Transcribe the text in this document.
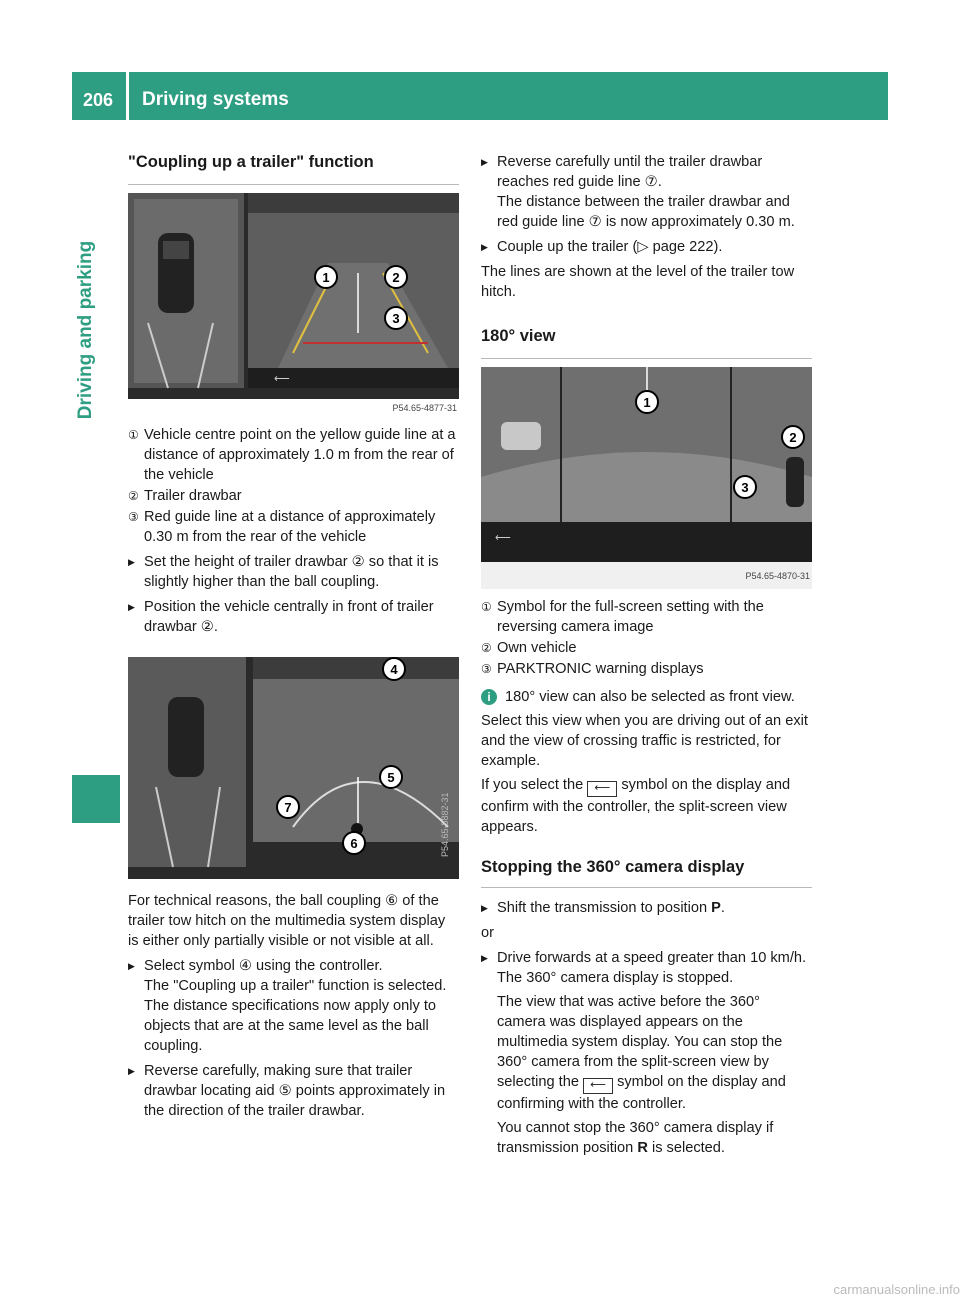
206	Driving systems
Driving and parking
"Coupling up a trailer" function
1	2
3
⟵
P54.65-4877-31
① Vehicle centre point on the yellow guide line at a distance of approximately 1.0 m from the rear of the vehicle
② Trailer drawbar
③ Red guide line at a distance of approximately 0.30 m from the rear of the vehicle
▶ Set the height of trailer drawbar ② so that it is slightly higher than the ball coupling.
▶ Position the vehicle centrally in front of trailer drawbar ②.
4
5
7
6	P54.65-5882-31

For technical reasons, the ball coupling ⑥ of the trailer tow hitch on the multimedia system display is either only partially visible or not visible at all.

▶ Select symbol ④ using the controller.
The "Coupling up a trailer" function is selected. The distance specifications now apply only to objects that are at the same level as the ball coupling.
▶ Reverse carefully, making sure that trailer drawbar locating aid ⑤ points approximately in the direction of the trailer drawbar.
▶ Reverse carefully until the trailer drawbar reaches red guide line ⑦.
The distance between the trailer drawbar and red guide line ⑦ is now approximately 0.30 m.
▶ Couple up the trailer (▷ page 222).

The lines are shown at the level of the trailer tow hitch.

180° view
1
2
3
⟵
P54.65-4870-31
① Symbol for the full-screen setting with the reversing camera image
② Own vehicle
③ PARKTRONIC warning displays
i 180° view can also be selected as front view.

Select this view when you are driving out of an exit and the view of crossing traffic is restricted, for example.

If you select the ⟵ symbol on the display and confirm with the controller, the split-screen view appears.

Stopping the 360° camera display
▶ Shift the transmission to position P.

or

▶ Drive forwards at a speed greater than 10 km/h.
The 360° camera display is stopped.

The view that was active before the 360° camera was displayed appears on the multimedia system display. You can stop the 360° camera from the split-screen view by selecting the ⟵ symbol on the display and confirming with the controller.
You cannot stop the 360° camera display if transmission position R is selected.
carmanualsonline.info
